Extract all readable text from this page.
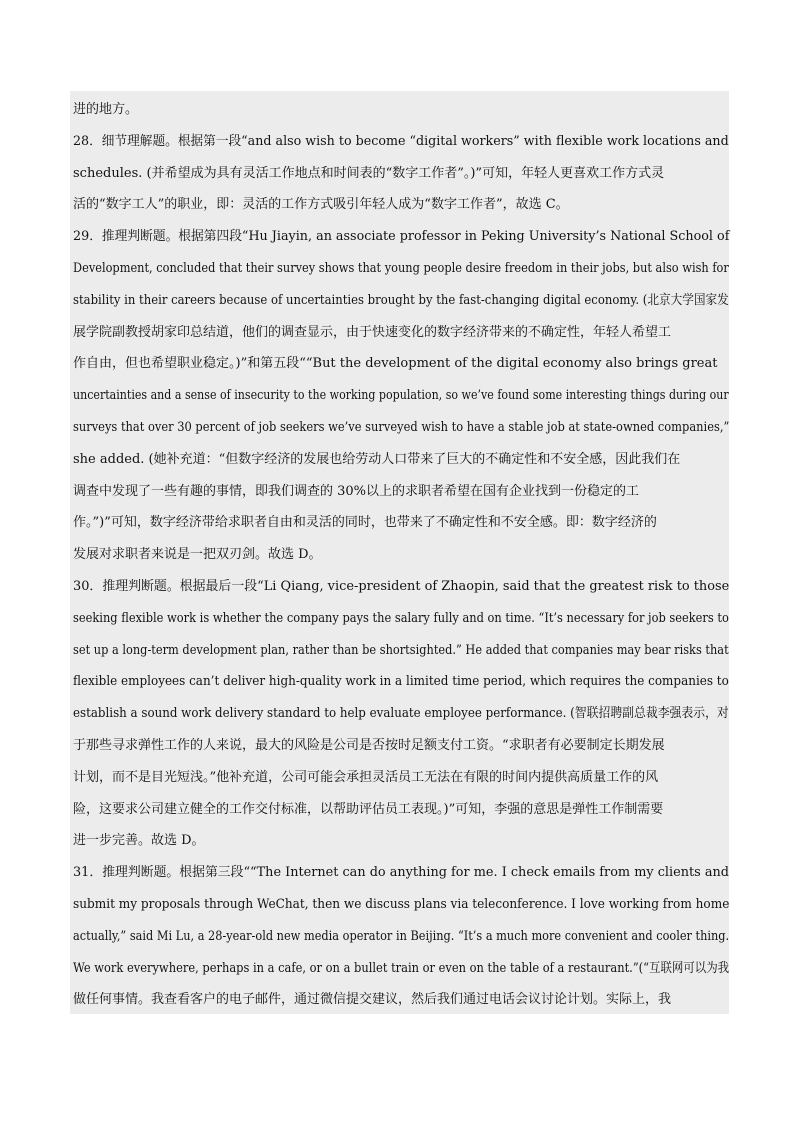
进的地方。

28．细节理解题。根据第一段“and also wish to become “digital workers” with flexible work locations and

schedules. (并希望成为具有灵活工作地点和时间表的“数字工作者”。)”可知，年轻人更喜欢工作方式灵

活的“数字工人”的职业，即：灵活的工作方式吸引年轻人成为“数字工作者”，故选 C。

29．推理判断题。根据第四段“Hu Jiayin, an associate professor in Peking University’s National School of

Development, concluded that their survey shows that young people desire freedom in their jobs, but also wish for

stability in their careers because of uncertainties brought by the fast-changing digital economy. (北京大学国家发

展学院副教授胡家印总结道，他们的调查显示，由于快速变化的数字经济带来的不确定性，年轻人希望工

作自由，但也希望职业稳定。)”和第五段““But the development of the digital economy also brings great

uncertainties and a sense of insecurity to the working population, so we’ve found some interesting things during our

surveys that over 30 percent of job seekers we’ve surveyed wish to have a stable job at state-owned companies,”

she added. (她补充道：“但数字经济的发展也给劳动人口带来了巨大的不确定性和不安全感，因此我们在

调查中发现了一些有趣的事情，即我们调查的 30%以上的求职者希望在国有企业找到一份稳定的工

作。”)”可知，数字经济带给求职者自由和灵活的同时，也带来了不确定性和不安全感。即：数字经济的

发展对求职者来说是一把双刃剑。故选 D。

30．推理判断题。根据最后一段“Li Qiang, vice-president of Zhaopin, said that the greatest risk to those

seeking flexible work is whether the company pays the salary fully and on time. “It’s necessary for job seekers to

set up a long-term development plan, rather than be shortsighted.” He added that companies may bear risks that

flexible employees can’t deliver high-quality work in a limited time period, which requires the companies to

establish a sound work delivery standard to help evaluate employee performance. (智联招聘副总裁李强表示，对

于那些寻求弹性工作的人来说，最大的风险是公司是否按时足额支付工资。“求职者有必要制定长期发展

计划，而不是目光短浅。”他补充道，公司可能会承担灵活员工无法在有限的时间内提供高质量工作的风

险，这要求公司建立健全的工作交付标准，以帮助评估员工表现。)”可知，李强的意思是弹性工作制需要

进一步完善。故选 D。

31．推理判断题。根据第三段““The Internet can do anything for me. I check emails from my clients and

submit my proposals through WeChat, then we discuss plans via teleconference. I love working from home

actually,” said Mi Lu, a 28-year-old new media operator in Beijing. “It’s a much more convenient and cooler thing.

We work everywhere, perhaps in a cafe, or on a bullet train or even on the table of a restaurant.”(“互联网可以为我

做任何事情。我查看客户的电子邮件，通过微信提交建议，然后我们通过电话会议讨论计划。实际上，我
